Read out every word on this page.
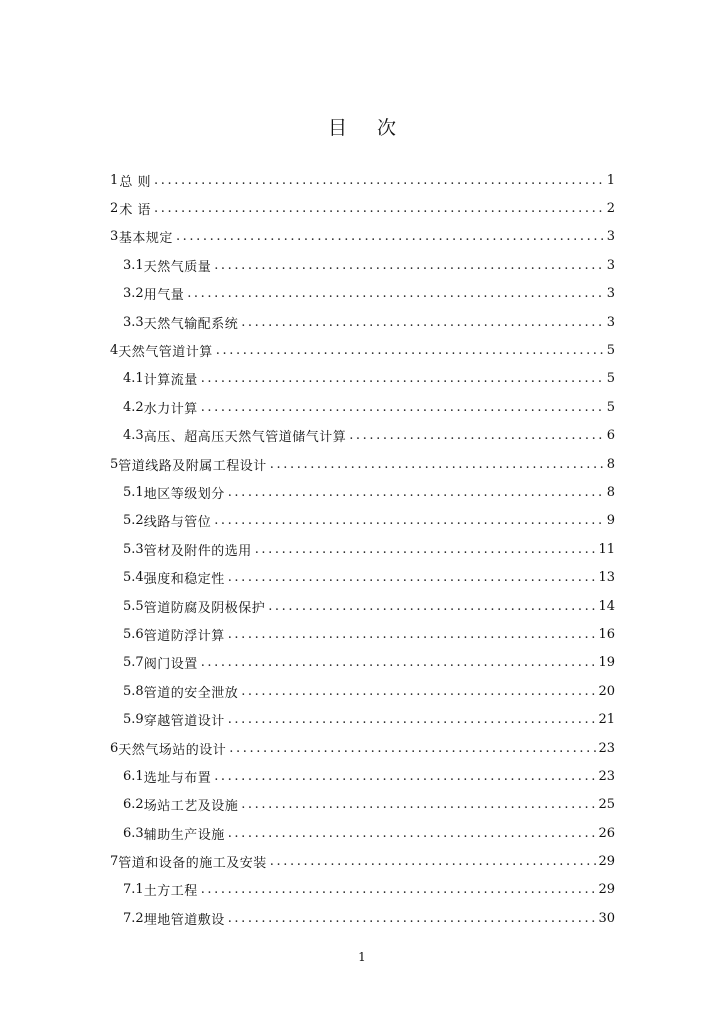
目 次
1 总 则 .....	1
2 术 语 .....	2
3 基本规定 .....	3
3.1 天然气质量 .....	3
3.2 用气量 .....	3
3.3 天然气输配系统 .....	3
4 天然气管道计算 .....	5
4.1 计算流量 .....	5
4.2 水力计算 .....	5
4.3 高压、超高压天然气管道储气计算 .....	6
5 管道线路及附属工程设计 .....	8
5.1 地区等级划分 .....	8
5.2 线路与管位 .....	9
5.3 管材及附件的选用 .....	11
5.4 强度和稳定性 .....	13
5.5 管道防腐及阴极保护 .....	14
5.6 管道防浮计算 .....	16
5.7 阀门设置 .....	19
5.8 管道的安全泄放 .....	20
5.9 穿越管道设计 .....	21
6 天然气场站的设计 .....	23
6.1 选址与布置 .....	23
6.2 场站工艺及设施 .....	25
6.3 辅助生产设施 .....	26
7 管道和设备的施工及安装 .....	29
7.1 土方工程 .....	29
7.2 埋地管道敷设 .....	30
1
